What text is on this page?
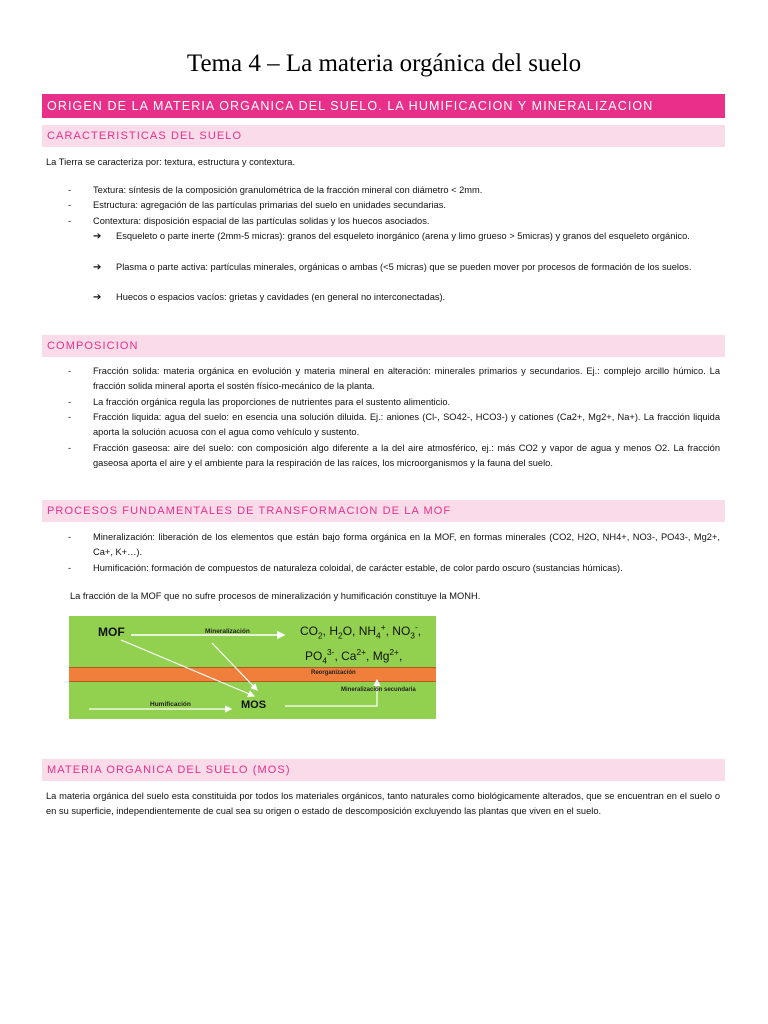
Tema 4 – La materia orgánica del suelo
ORIGEN DE LA MATERIA ORGANICA DEL SUELO. LA HUMIFICACION Y MINERALIZACION
CARACTERISTICAS DEL SUELO
La Tierra se caracteriza por: textura, estructura y contextura.
- Textura: síntesis de la composición granulométrica de la fracción mineral con diámetro < 2mm.
- Estructura: agregación de las partículas primarias del suelo en unidades secundarias.
- Contextura: disposición espacial de las partículas solidas y los huecos asociados.
➔ Esqueleto o parte inerte (2mm-5 micras): granos del esqueleto inorgánico (arena y limo grueso > 5micras) y granos del esqueleto orgánico.
➔ Plasma o parte activa: partículas minerales, orgánicas o ambas (<5 micras) que se pueden mover por procesos de formación de los suelos.
➔ Huecos o espacios vacíos: grietas y cavidades (en general no interconectadas).
COMPOSICION
- Fracción solida: materia orgánica en evolución y materia mineral en alteración: minerales primarios y secundarios. Ej.: complejo arcillo húmico. La fracción solida mineral aporta el sostén físico-mecánico de la planta.
- La fracción orgánica regula las proporciones de nutrientes para el sustento alimenticio.
- Fracción liquida: agua del suelo: en esencia una solución diluida. Ej.: aniones (Cl-, SO42-, HCO3-) y cationes (Ca2+, Mg2+, Na+). La fracción liquida aporta la solución acuosa con el agua como vehículo y sustento.
- Fracción gaseosa: aire del suelo: con composición algo diferente a la del aire atmosférico, ej.: más CO2 y vapor de agua y menos O2. La fracción gaseosa aporta el aire y el ambiente para la respiración de las raíces, los microorganismos y la fauna del suelo.
PROCESOS FUNDAMENTALES DE TRANSFORMACION DE LA MOF
- Mineralización: liberación de los elementos que están bajo forma orgánica en la MOF, en formas minerales (CO2, H2O, NH4+, NO3-, PO43-, Mg2+, Ca+, K+…).
- Humificación: formación de compuestos de naturaleza coloidal, de carácter estable, de color pardo oscuro (sustancias húmicas).
La fracción de la MOF que no sufre procesos de mineralización y humificación constituye la MONH.
MOF	Mineralización	$CO_2$, $H_2O$, $NH_4^+$, $NO_3^-$,
$PO_4^{3-}$, $Ca^{2+}$, $Mg^{2+}$,
Reorganización
Mineralización secundaria
Humificación	MOS
MATERIA ORGANICA DEL SUELO (MOS)
La materia orgánica del suelo esta constituida por todos los materiales orgánicos, tanto naturales como biológicamente alterados, que se encuentran en el suelo o en su superficie, independientemente de cual sea su origen o estado de descomposición excluyendo las plantas que viven en el suelo.
